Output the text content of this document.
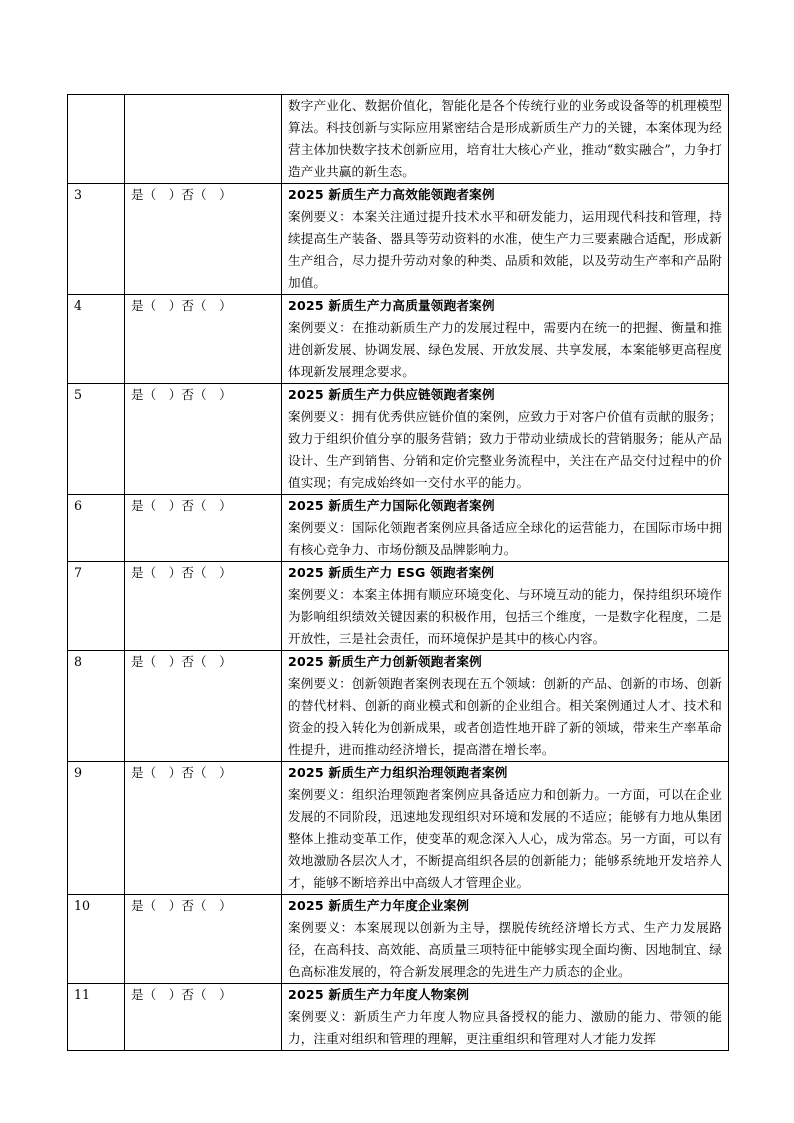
		数字产业化、数据价值化，智能化是各个传统行业的业务或设备等的机理模型算法。科技创新与实际应用紧密结合是形成新质生产力的关键，本案体现为经营主体加快数字技术创新应用，培育壮大核心产业，推动“数实融合”，力争打造产业共赢的新生态。

3	是（　）否（　）	2025 新质生产力高效能领跑者案例
案例要义：本案关注通过提升技术水平和研发能力，运用现代科技和管理，持续提高生产装备、器具等劳动资料的水准，使生产力三要素融合适配，形成新生产组合，尽力提升劳动对象的种类、品质和效能，以及劳动生产率和产品附加值。

4	是（　）否（　）	2025 新质生产力高质量领跑者案例
案例要义：在推动新质生产力的发展过程中，需要内在统一的把握、衡量和推进创新发展、协调发展、绿色发展、开放发展、共享发展，本案能够更高程度体现新发展理念要求。

5	是（　）否（　）	2025 新质生产力供应链领跑者案例
案例要义：拥有优秀供应链价值的案例，应致力于对客户价值有贡献的服务；致力于组织价值分享的服务营销；致力于带动业绩成长的营销服务；能从产品设计、生产到销售、分销和定价完整业务流程中，关注在产品交付过程中的价值实现；有完成始终如一交付水平的能力。

6	是（　）否（　）	2025 新质生产力国际化领跑者案例
案例要义：国际化领跑者案例应具备适应全球化的运营能力，在国际市场中拥有核心竞争力、市场份额及品牌影响力。

7	是（　）否（　）	2025 新质生产力 ESG 领跑者案例
案例要义：本案主体拥有顺应环境变化、与环境互动的能力，保持组织环境作为影响组织绩效关键因素的积极作用，包括三个维度，一是数字化程度，二是开放性，三是社会责任，而环境保护是其中的核心内容。

8	是（　）否（　）	2025 新质生产力创新领跑者案例
案例要义：创新领跑者案例表现在五个领域：创新的产品、创新的市场、创新的替代材料、创新的商业模式和创新的企业组合。相关案例通过人才、技术和资金的投入转化为创新成果，或者创造性地开辟了新的领域，带来生产率革命性提升，进而推动经济增长，提高潜在增长率。

9	是（　）否（　）	2025 新质生产力组织治理领跑者案例
案例要义：组织治理领跑者案例应具备适应力和创新力。一方面，可以在企业发展的不同阶段，迅速地发现组织对环境和发展的不适应；能够有力地从集团整体上推动变革工作，使变革的观念深入人心，成为常态。另一方面，可以有效地激励各层次人才，不断提高组织各层的创新能力；能够系统地开发培养人才，能够不断培养出中高级人才管理企业。

10	是（　）否（　）	2025 新质生产力年度企业案例
案例要义：本案展现以创新为主导，摆脱传统经济增长方式、生产力发展路径，在高科技、高效能、高质量三项特征中能够实现全面均衡、因地制宜、绿色高标准发展的，符合新发展理念的先进生产力质态的企业。

11	是（　）否（　）	2025 新质生产力年度人物案例
案例要义：新质生产力年度人物应具备授权的能力、激励的能力、带领的能力，注重对组织和管理的理解，更注重组织和管理对人才能力发挥
